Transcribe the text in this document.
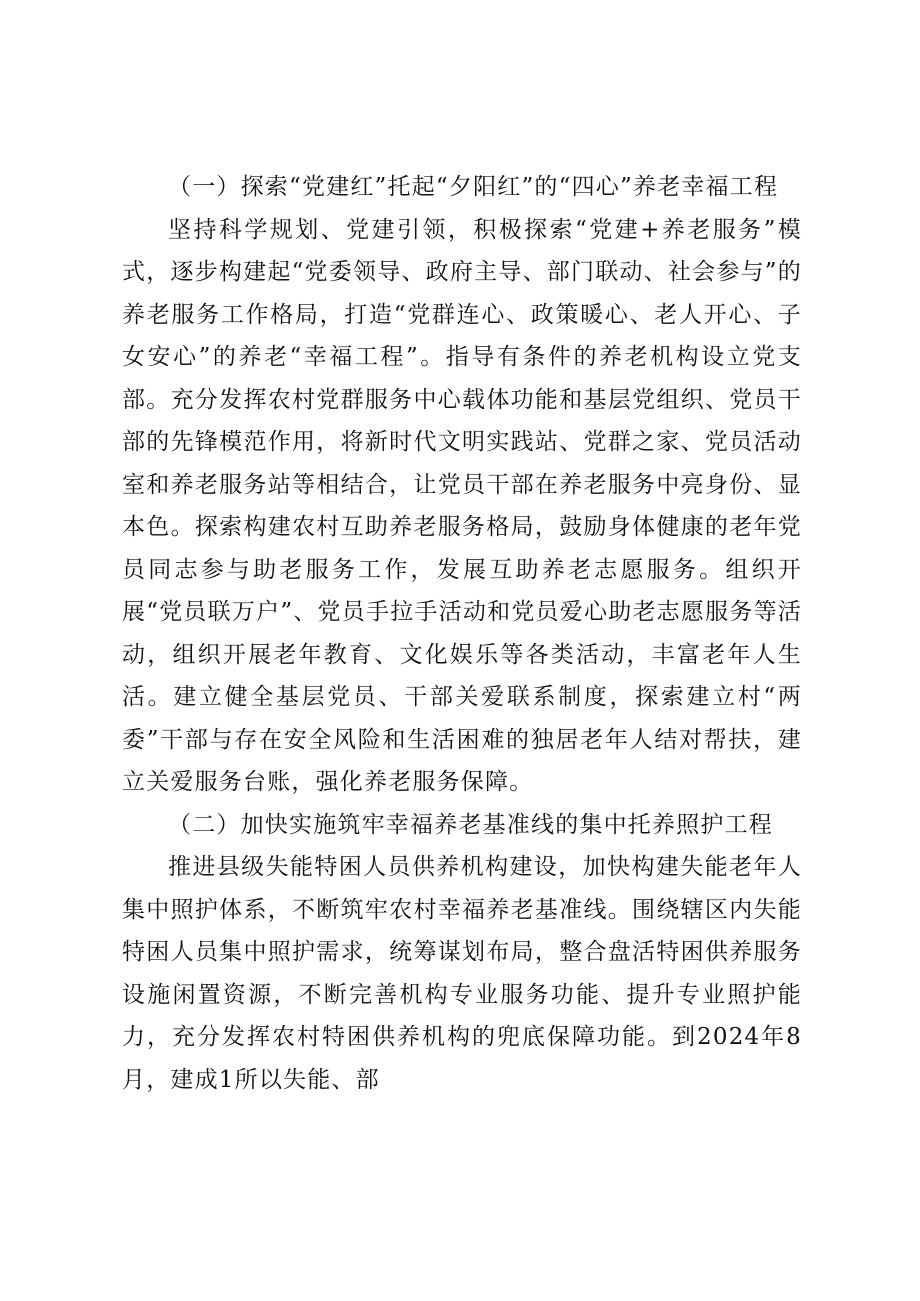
（一）探索“党建红”托起“夕阳红”的“四心”养老幸福工程

坚持科学规划、党建引领，积极探索“党建+养老服务”模式，逐步构建起“党委领导、政府主导、部门联动、社会参与”的养老服务工作格局，打造“党群连心、政策暖心、老人开心、子女安心”的养老“幸福工程”。指导有条件的养老机构设立党支部。充分发挥农村党群服务中心载体功能和基层党组织、党员干部的先锋模范作用，将新时代文明实践站、党群之家、党员活动室和养老服务站等相结合，让党员干部在养老服务中亮身份、显本色。探索构建农村互助养老服务格局，鼓励身体健康的老年党员同志参与助老服务工作，发展互助养老志愿服务。组织开展“党员联万户”、党员手拉手活动和党员爱心助老志愿服务等活动，组织开展老年教育、文化娱乐等各类活动，丰富老年人生活。建立健全基层党员、干部关爱联系制度，探索建立村“两委”干部与存在安全风险和生活困难的独居老年人结对帮扶，建立关爱服务台账，强化养老服务保障。

（二）加快实施筑牢幸福养老基准线的集中托养照护工程

推进县级失能特困人员供养机构建设，加快构建失能老年人集中照护体系，不断筑牢农村幸福养老基准线。围绕辖区内失能特困人员集中照护需求，统筹谋划布局，整合盘活特困供养服务设施闲置资源，不断完善机构专业服务功能、提升专业照护能力，充分发挥农村特困供养机构的兜底保障功能。到2024年8月，建成1所以失能、部
